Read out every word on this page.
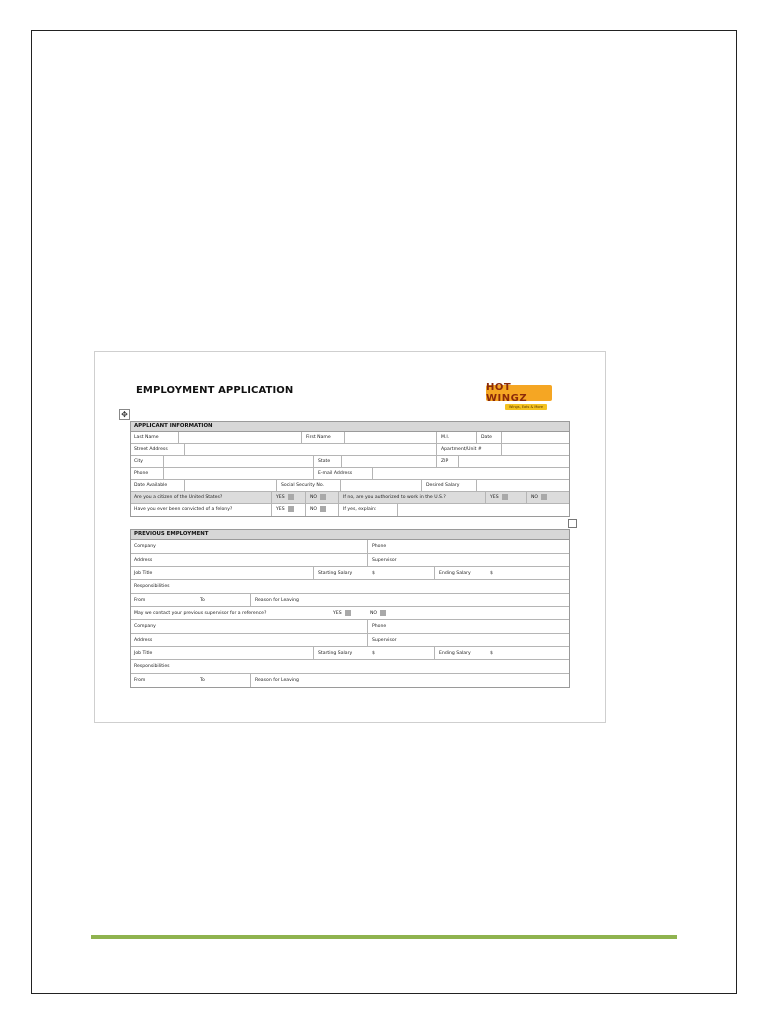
EMPLOYMENT APPLICATION	HOT WINGZ
Wings, Eats & More
✥
APPLICANT INFORMATION
Last Name	First Name	M.I.	Date
Street Address	Apartment/Unit #
City	State	ZIP
Phone	E-mail Address
Date Available	Social Security No.	Desired Salary
Are you a citizen of the United States?	YES	NO	If no, are you authorized to work in the U.S.?	YES	NO
Have you ever been convicted of a felony?	YES	NO	If yes, explain:
PREVIOUS EMPLOYMENT
Company	Phone
Address	Supervisor
Job Title	Starting Salary	$	Ending Salary	$
Responsibilities
From	To	Reason for Leaving
May we contact your previous supervisor for a reference?	YES	NO
Company	Phone
Address	Supervisor
Job Title	Starting Salary	$	Ending Salary	$
Responsibilities
From	To	Reason for Leaving
